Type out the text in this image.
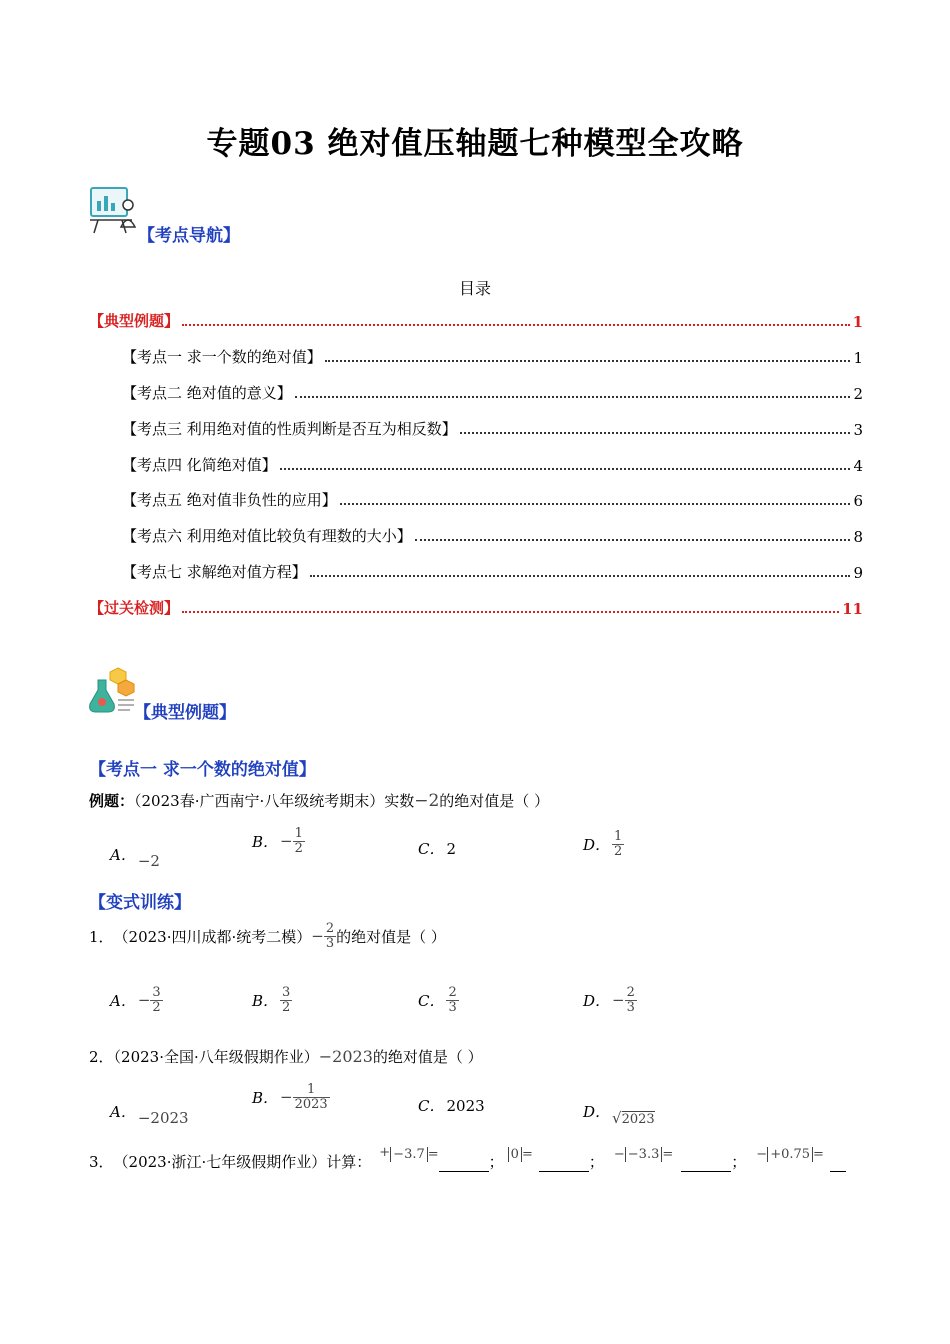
专题03 绝对值压轴题七种模型全攻略
【考点导航】
目录
【典型例题】	1
【考点一 求一个数的绝对值】	1
【考点二 绝对值的意义】	2
【考点三 利用绝对值的性质判断是否互为相反数】	3
【考点四 化简绝对值】	4
【考点五 绝对值非负性的应用】	6
【考点六 利用绝对值比较负有理数的大小】	8
【考点七 求解绝对值方程】	9
【过关检测】	11
【典型例题】
【考点一 求一个数的绝对值】
例题：（2023春·广西南宁·八年级统考期末）实数−2的绝对值是（ ）
A． −2
B． − $\frac{1}{2}$	C． 2	D． $\frac{1}{2}$
【变式训练】
1． （2023·四川成都·统考二模） − $\frac{2}{3}$ 的绝对值是（ ）
A． − $\frac{3}{2}$	B． $\frac{3}{2}$	C． $\frac{2}{3}$	D． − $\frac{2}{3}$
2．（2023·全国·八年级假期作业）−2023的绝对值是（ ）
A． −2023
B． − $\frac{1}{2023}$	C． 2023	D． √ 2023
3． （2023·浙江·七年级假期作业）计算：
+ −3.7 =	； 0 =	； − −3.3 =	； − +0.75 =
